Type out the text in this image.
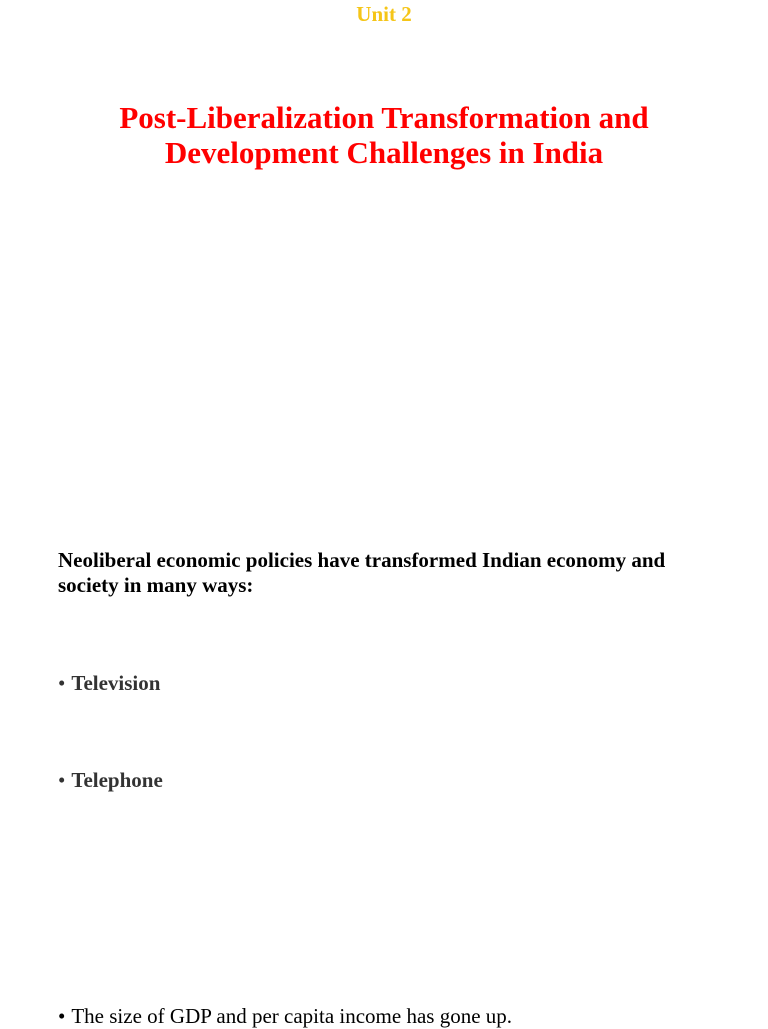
Unit 2
Post-Liberalization Transformation and
Development Challenges in India

Neoliberal economic policies have transformed Indian economy and
society in many ways:

• Television
• Telephone
• The size of GDP and per capita income has gone up.
